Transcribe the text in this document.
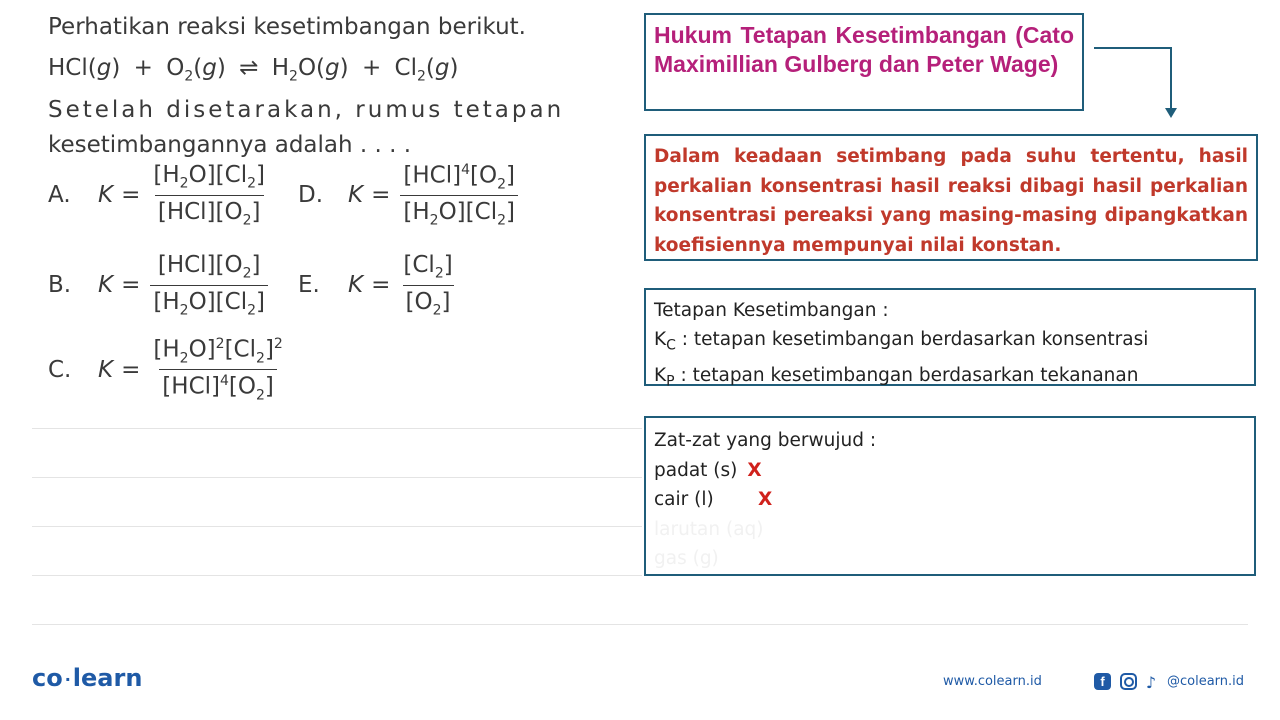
Perhatikan reaksi kesetimbangan berikut.
$HCl(g) + O_2(g)$ ⇌ $H_2O(g) + Cl_2(g)$
Setelah disetarakan, rumus tetapan
kesetimbangannya adalah . . . .
A.	$K = \frac{[H_2O][Cl_2]}{[HCl][O_2]} D$.	$K = \frac{[HCl]^4[O_2]}{[H_2O][Cl_2]}$
B.	$K = \frac{[HCl][O_2]}{[H_2O][Cl_2]} E$.	$K = \frac{[Cl_2]}{[O_2]}$
C.	$K = \frac{[H_2O]^2[Cl_2]^2}{[HCl]^4[O_2]}$
Hukum Tetapan Kesetimbangan (Cato Maximillian Gulberg dan Peter Wage)
Dalam keadaan setimbang pada suhu tertentu, hasil perkalian konsentrasi hasil reaksi dibagi hasil perkalian konsentrasi pereaksi yang masing-masing dipangkatkan koefisiennya mempunyai nilai konstan.
Tetapan Kesetimbangan :
$K_C$ : tetapan kesetimbangan berdasarkan konsentrasi
$K_P$ : tetapan kesetimbangan berdasarkan tekananan
Zat-zat yang berwujud :
padat (s) X
cair (l)	X
larutan (aq)
gas (g)
co ·learn	www.colearn.id	f	♪ @colearn.id
